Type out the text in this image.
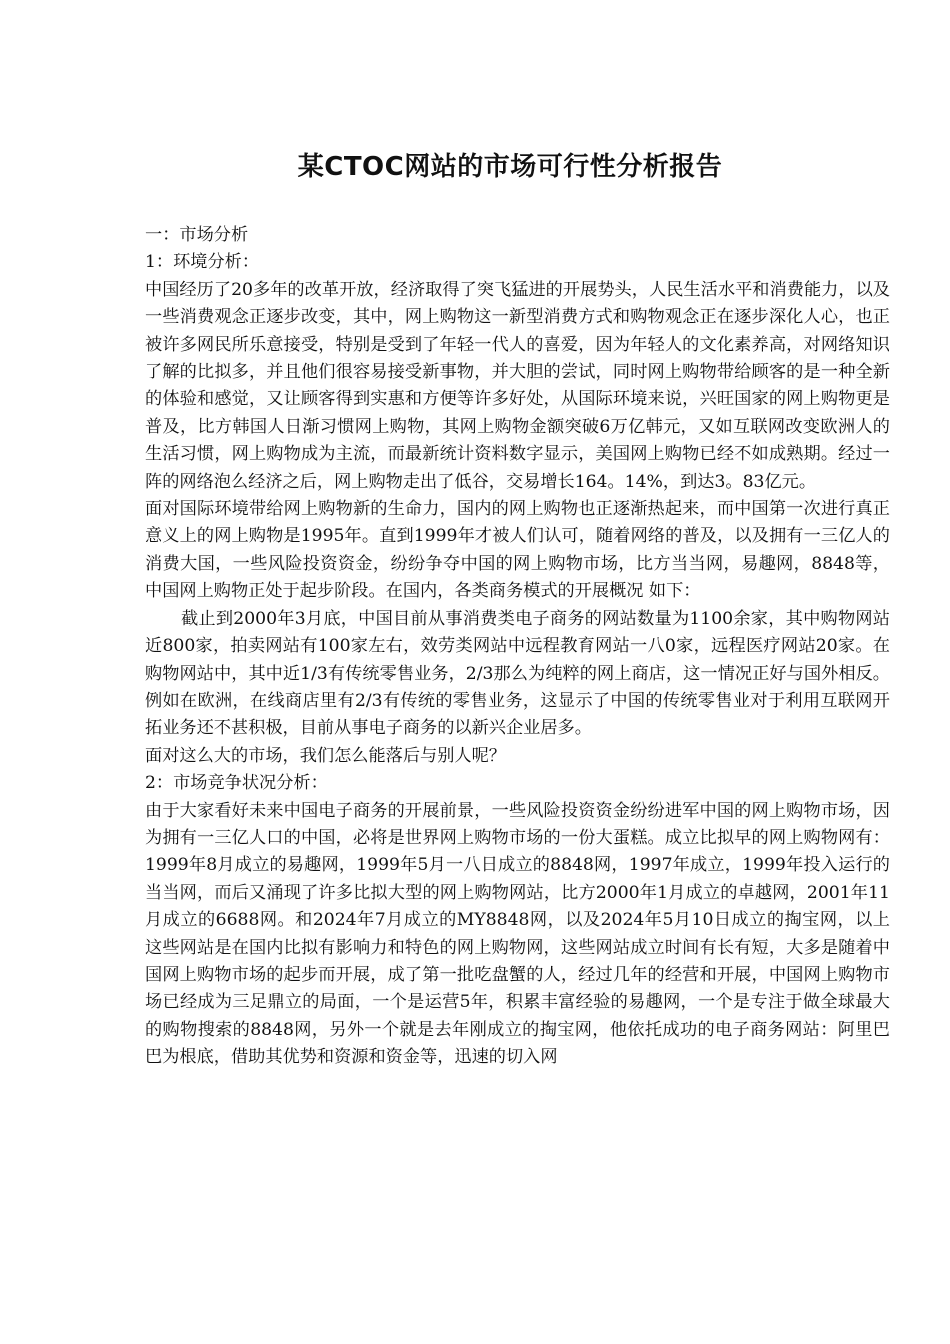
某CTOC网站的市场可行性分析报告

一：市场分析

1：环境分析：

中国经历了20多年的改革开放，经济取得了突飞猛进的开展势头，人民生活水平和消费能力，以及一些消费观念正逐步改变，其中，网上购物这一新型消费方式和购物观念正在逐步深化人心，也正被许多网民所乐意接受，特别是受到了年轻一代人的喜爱，因为年轻人的文化素养高，对网络知识了解的比拟多，并且他们很容易接受新事物，并大胆的尝试，同时网上购物带给顾客的是一种全新的体验和感觉，又让顾客得到实惠和方便等许多好处，从国际环境来说，兴旺国家的网上购物更是普及，比方韩国人日渐习惯网上购物，其网上购物金额突破6万亿韩元，又如互联网改变欧洲人的生活习惯，网上购物成为主流，而最新统计资料数字显示，美国网上购物已经不如成熟期。经过一阵的网络泡么经济之后，网上购物走出了低谷，交易增长164。14%，到达3。83亿元。

面对国际环境带给网上购物新的生命力，国内的网上购物也正逐渐热起来，而中国第一次进行真正意义上的网上购物是1995年。直到1999年才被人们认可，随着网络的普及，以及拥有一三亿人的消费大国，一些风险投资资金，纷纷争夺中国的网上购物市场，比方当当网，易趣网，8848等，中国网上购物正处于起步阶段。在国内，各类商务模式的开展概况 如下：

截止到2000年3月底，中国目前从事消费类电子商务的网站数量为1100余家，其中购物网站近800家，拍卖网站有100家左右，效劳类网站中远程教育网站一八0家，远程医疗网站20家。在购物网站中，其中近1/3有传统零售业务，2/3那么为纯粹的网上商店，这一情况正好与国外相反。例如在欧洲，在线商店里有2/3有传统的零售业务，这显示了中国的传统零售业对于利用互联网开拓业务还不甚积极，目前从事电子商务的以新兴企业居多。

面对这么大的市场，我们怎么能落后与别人呢？

2：市场竞争状况分析：

由于大家看好未来中国电子商务的开展前景，一些风险投资资金纷纷进军中国的网上购物市场，因为拥有一三亿人口的中国，必将是世界网上购物市场的一份大蛋糕。成立比拟早的网上购物网有：1999年8月成立的易趣网，1999年5月一八日成立的8848网，1997年成立，1999年投入运行的当当网，而后又涌现了许多比拟大型的网上购物网站，比方2000年1月成立的卓越网，2001年11月成立的6688网。和2024年7月成立的MY8848网，以及2024年5月10日成立的掏宝网，以上这些网站是在国内比拟有影响力和特色的网上购物网，这些网站成立时间有长有短，大多是随着中国网上购物市场的起步而开展，成了第一批吃盘蟹的人，经过几年的经营和开展，中国网上购物市场已经成为三足鼎立的局面，一个是运营5年，积累丰富经验的易趣网，一个是专注于做全球最大的购物搜索的8848网，另外一个就是去年刚成立的掏宝网，他依托成功的电子商务网站：阿里巴巴为根底，借助其优势和资源和资金等，迅速的切入网
